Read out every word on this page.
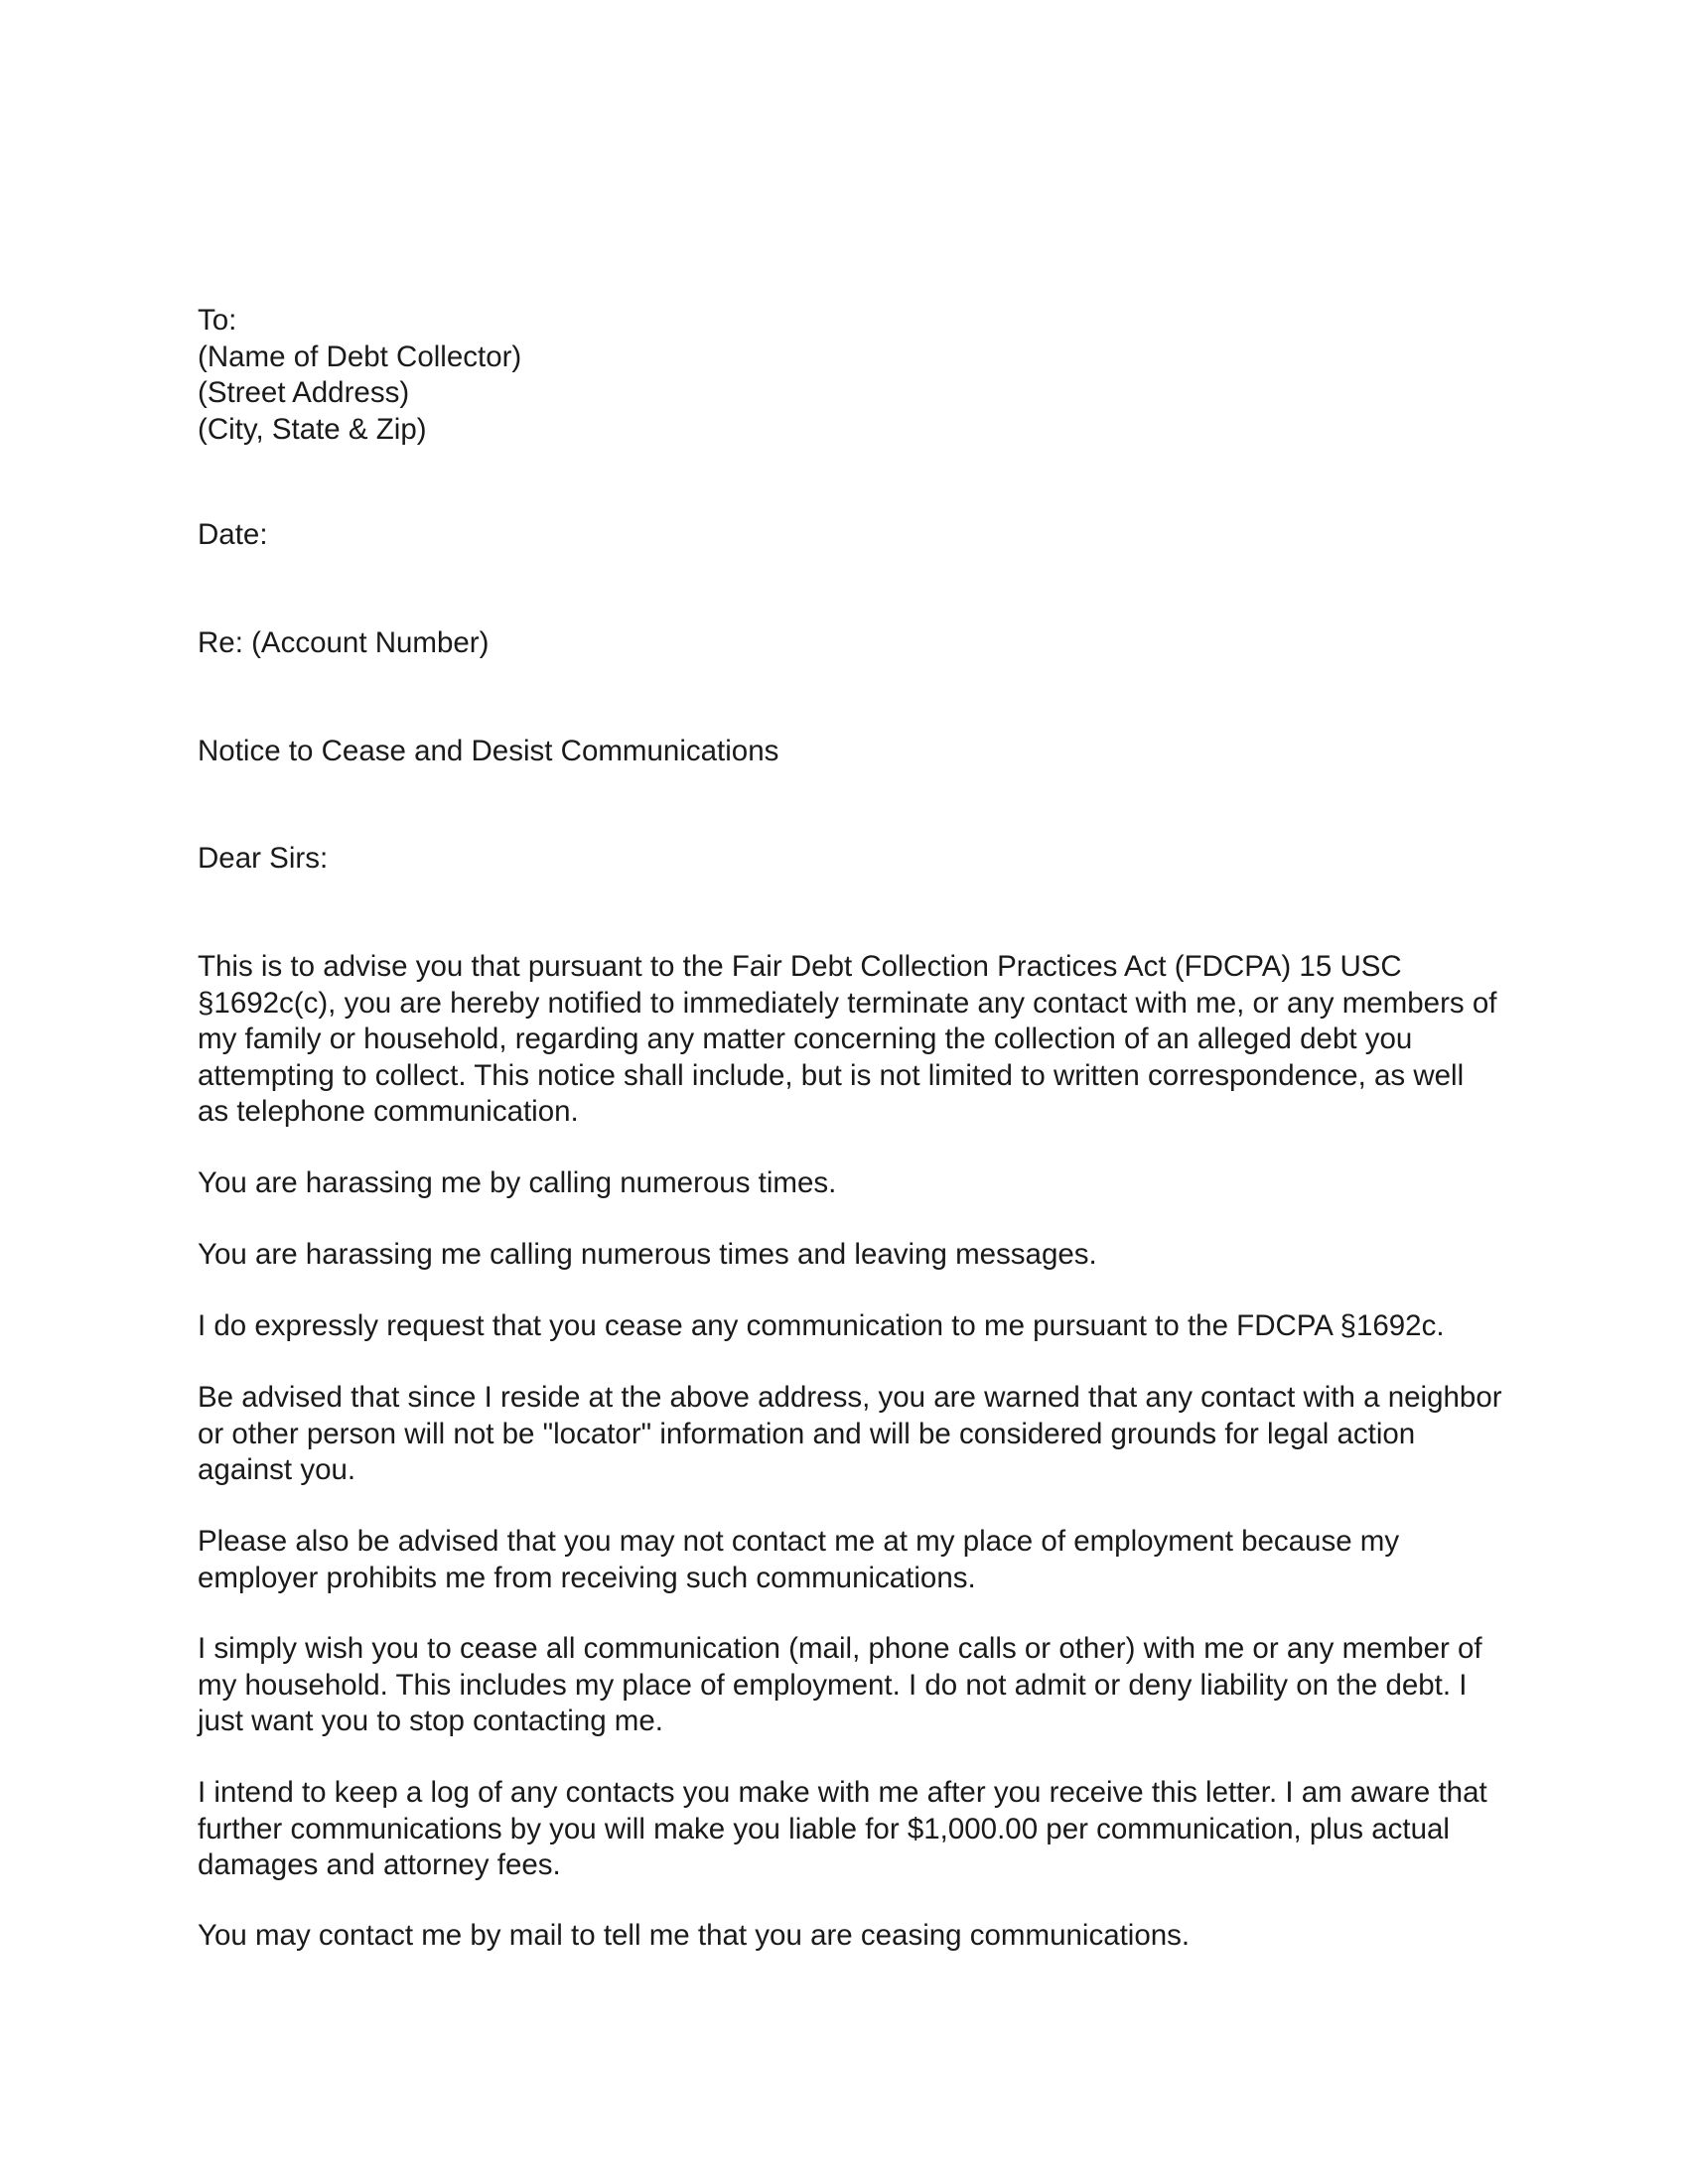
To:
(Name of Debt Collector)
(Street Address)
(City, State & Zip)
Date:
Re: (Account Number)
Notice to Cease and Desist Communications
Dear Sirs:
This is to advise you that pursuant to the Fair Debt Collection Practices Act (FDCPA) 15 USC
§1692c(c), you are hereby notified to immediately terminate any contact with me, or any members of
my family or household, regarding any matter concerning the collection of an alleged debt you
attempting to collect. This notice shall include, but is not limited to written correspondence, as well
as telephone communication.
You are harassing me by calling numerous times.
You are harassing me calling numerous times and leaving messages.
I do expressly request that you cease any communication to me pursuant to the FDCPA §1692c.
Be advised that since I reside at the above address, you are warned that any contact with a neighbor
or other person will not be "locator" information and will be considered grounds for legal action
against you.
Please also be advised that you may not contact me at my place of employment because my
employer prohibits me from receiving such communications.
I simply wish you to cease all communication (mail, phone calls or other) with me or any member of
my household. This includes my place of employment. I do not admit or deny liability on the debt. I
just want you to stop contacting me.
I intend to keep a log of any contacts you make with me after you receive this letter. I am aware that
further communications by you will make you liable for $1,000.00 per communication, plus actual
damages and attorney fees.
You may contact me by mail to tell me that you are ceasing communications.
